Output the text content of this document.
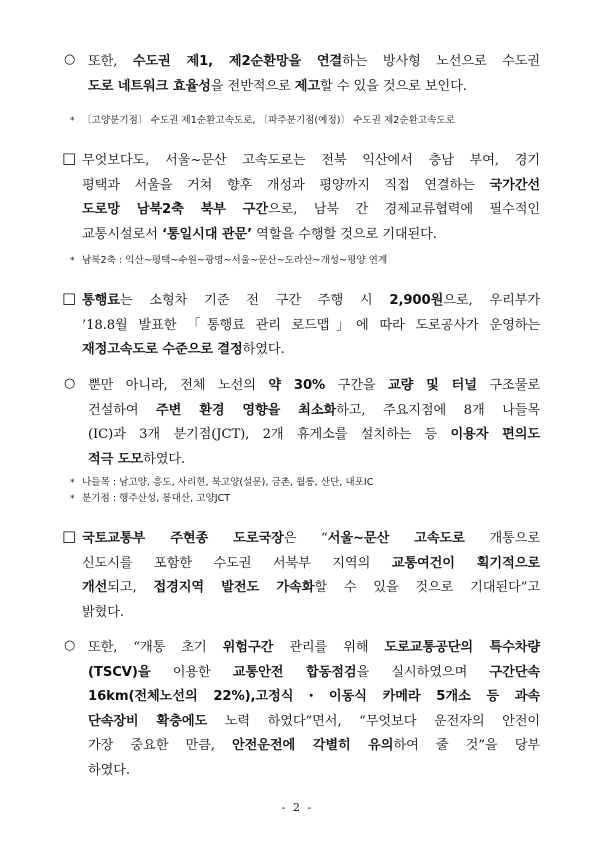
○ 또한, 수도권 제1, 제2순환망을 연결하는 방사형 노선으로 수도권
도로 네트워크 효율성을 전반적으로 제고할 수 있을 것으로 보인다.
* 〔고양분기점〕 수도권 제1순환고속도로, 〔파주분기점(예정)〕 수도권 제2순환고속도로
□ 무엇보다도, 서울~문산 고속도로는 전북 익산에서 충남 부여, 경기
평택과 서울을 거쳐 향후 개성과 평양까지 직접 연결하는 국가간선
도로망 남북2축 북부 구간으로, 남북 간 경제교류협력에 필수적인
교통시설로서 ‘통일시대 관문’ 역할을 수행할 것으로 기대된다.
* 남북2축 : 익산~평택~수원~광명~서울~문산~도라산~개성~평양 연계
□ 통행료는 소형차 기준 전 구간 주행 시 2,900원으로, 우리부가
’18.8월 발표한 「통행료 관리 로드맵」에 따라 도로공사가 운영하는
재정고속도로 수준으로 결정하였다.
○ 뿐만 아니라, 전체 노선의 약 30% 구간을 교량 및 터널 구조물로
건설하여 주변 환경 영향을 최소화하고, 주요지점에 8개 나들목
(IC)과 3개 분기점(JCT), 2개 휴게소를 설치하는 등 이용자 편의도
적극 도모하였다.
* 나들목 : 남고양, 흥도, 사리현, 북고양(설문), 금촌, 월롱, 산단, 내포IC
* 분기점 : 행주산성, 봉대산, 고양JCT
□ 국토교통부 주현종 도로국장은 “서울~문산 고속도로 개통으로
신도시를 포함한 수도권 서북부 지역의 교통여건이 획기적으로
개선되고, 접경지역 발전도 가속화할 수 있을 것으로 기대된다”고
밝혔다.
○ 또한, “개통 초기 위험구간 관리를 위해 도로교통공단의 특수차량
(TSCV)을 이용한 교통안전 합동점검을 실시하였으며 구간단속
16km(전체노선의 22%),고정식・이동식 카메라 5개소 등 과속
단속장비 확충에도 노력 하였다”면서, “무엇보다 운전자의 안전이
가장 중요한 만큼, 안전운전에 각별히 유의하여 줄 것”을 당부
하였다.
- 2 -
